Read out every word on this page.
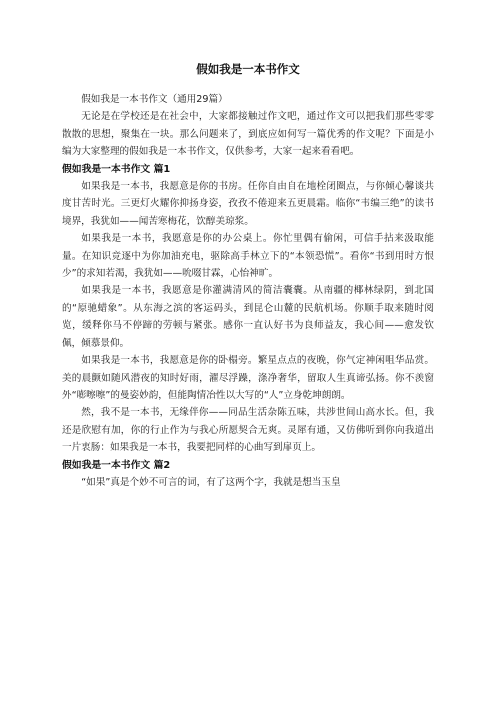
假如我是一本书作文

假如我是一本书作文（通用29篇）

无论是在学校还是在社会中，大家都接触过作文吧，通过作文可以把我们那些零零散散的思想，聚集在一块。那么问题来了，到底应如何写一篇优秀的作文呢？下面是小编为大家整理的假如我是一本书作文，仅供参考，大家一起来看看吧。

假如我是一本书作文 篇1

如果我是一本书，我愿意是你的书房。任你自由自在地栓闭圈点，与你倾心馨谈共度甘苦时光。三更灯火耀你抑扬身姿，孜孜不倦迎来五更晨霜。临你“韦编三绝”的读书境界，我犹如——闻苦寒梅花，饮醇美琼浆。

如果我是一本书，我愿意是你的办公桌上。你忙里偶有偷闲，可信手拈来汲取能量。在知识竞逐中为你加油充电，驱除高手林立下的“本领恐慌”。看你“书到用时方恨少”的求知若渴，我犹如——吮啜甘霖，心怡神旷。

如果我是一本书，我愿意是你灌满清风的简洁囊囊。从南疆的椰林绿阴，到北国的“原驰蜡象”。从东海之滨的客运码头，到昆仑山麓的民航机场。你顺手取来随时阅览，缓释你马不停蹄的劳顿与紧张。感你一直认好书为良师益友，我心间——愈发钦佩，倾慕景仰。

如果我是一本书，我愿意是你的卧榻旁。繁星点点的夜晚，你气定神闲咀华品赏。美的晨颤如随风潜夜的知时好雨，濯尽浮躁，涤净奢华，留取人生真谛弘扬。你不羡窗外“嘭嚓嚓”的曼姿妙韵，但能陶情冶性以大写的“人”立身乾坤朗朗。

然，我不是一本书，无缘伴你——同品生活杂陈五味，共涉世间山高水长。但，我还是欣慰有加，你的行止作为与我心所愿契合无爽。灵犀有通，又仿佛听到你向我道出一片衷肠：如果我是一本书，我要把同样的心曲写到扉页上。

假如我是一本书作文 篇2

“如果”真是个妙不可言的词，有了这两个字，我就是想当玉皇
